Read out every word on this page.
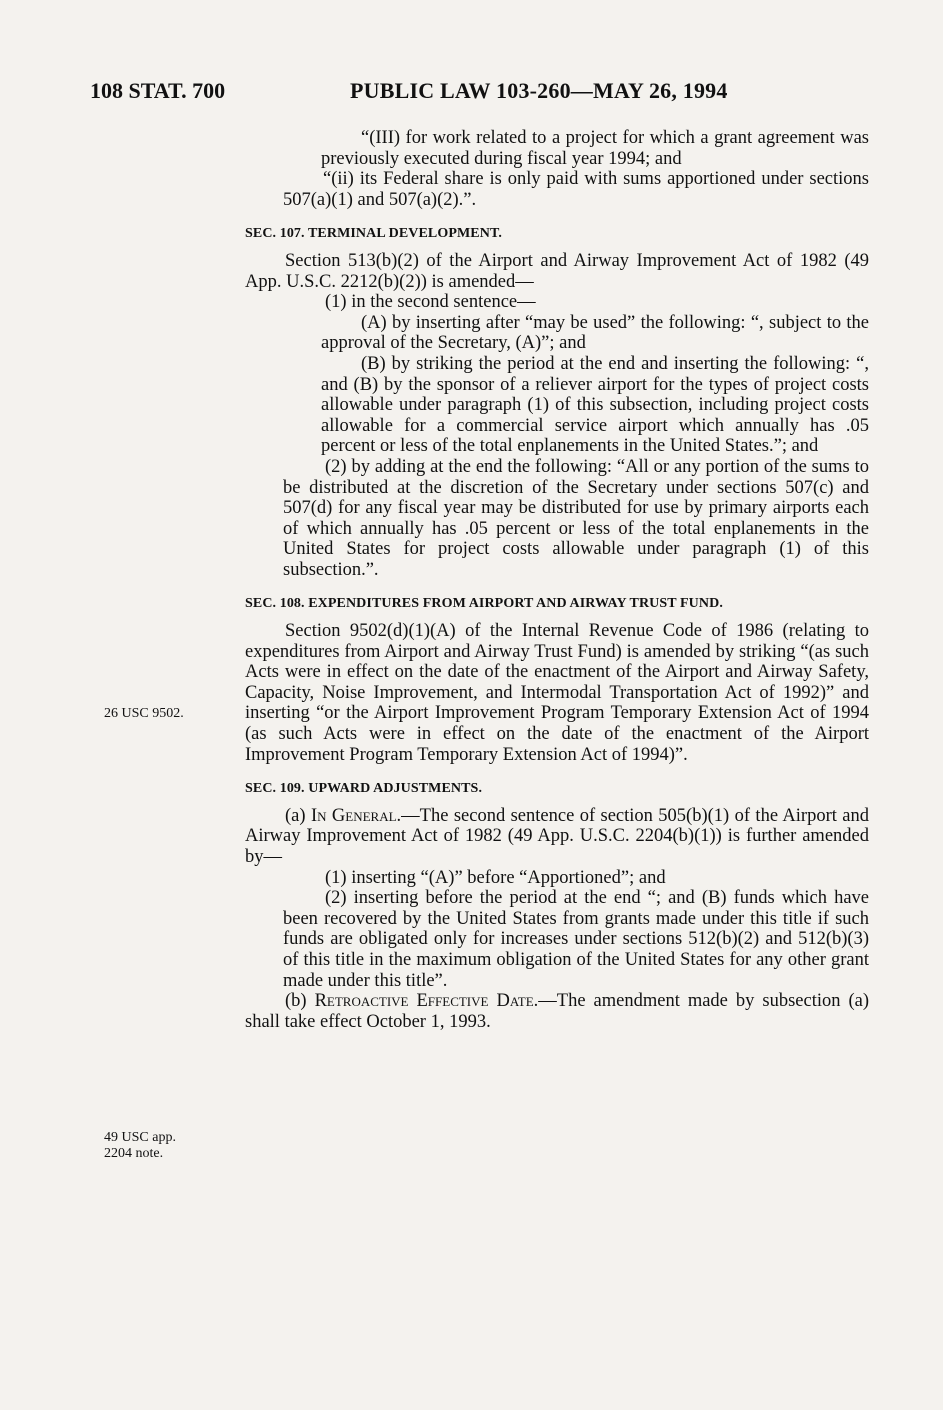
108 STAT. 700	PUBLIC LAW 103-260—MAY 26, 1994
26 USC 9502.
49 USC app.
2204 note.

“(III) for work related to a project for which a grant agreement was previously executed during fiscal year 1994; and

“(ii) its Federal share is only paid with sums apportioned under sections 507(a)(1) and 507(a)(2).”.

SEC. 107. TERMINAL DEVELOPMENT.

Section 513(b)(2) of the Airport and Airway Improvement Act of 1982 (49 App. U.S.C. 2212(b)(2)) is amended—

(1) in the second sentence—

(A) by inserting after “may be used” the following: “, subject to the approval of the Secretary, (A)”; and

(B) by striking the period at the end and inserting the following: “, and (B) by the sponsor of a reliever airport for the types of project costs allowable under paragraph (1) of this subsection, including project costs allowable for a commercial service airport which annually has .05 percent or less of the total enplanements in the United States.”; and

(2) by adding at the end the following: “All or any portion of the sums to be distributed at the discretion of the Secretary under sections 507(c) and 507(d) for any fiscal year may be distributed for use by primary airports each of which annually has .05 percent or less of the total enplanements in the United States for project costs allowable under paragraph (1) of this subsection.”.

SEC. 108. EXPENDITURES FROM AIRPORT AND AIRWAY TRUST FUND.

Section 9502(d)(1)(A) of the Internal Revenue Code of 1986 (relating to expenditures from Airport and Airway Trust Fund) is amended by striking “(as such Acts were in effect on the date of the enactment of the Airport and Airway Safety, Capacity, Noise Improvement, and Intermodal Transportation Act of 1992)” and inserting “or the Airport Improvement Program Temporary Extension Act of 1994 (as such Acts were in effect on the date of the enactment of the Airport Improvement Program Temporary Extension Act of 1994)”.

SEC. 109. UPWARD ADJUSTMENTS.

(a) In General.—The second sentence of section 505(b)(1) of the Airport and Airway Improvement Act of 1982 (49 App. U.S.C. 2204(b)(1)) is further amended by—

(1) inserting “(A)” before “Apportioned”; and

(2) inserting before the period at the end “; and (B) funds which have been recovered by the United States from grants made under this title if such funds are obligated only for increases under sections 512(b)(2) and 512(b)(3) of this title in the maximum obligation of the United States for any other grant made under this title”.

(b) Retroactive Effective Date.—The amendment made by subsection (a) shall take effect October 1, 1993.
